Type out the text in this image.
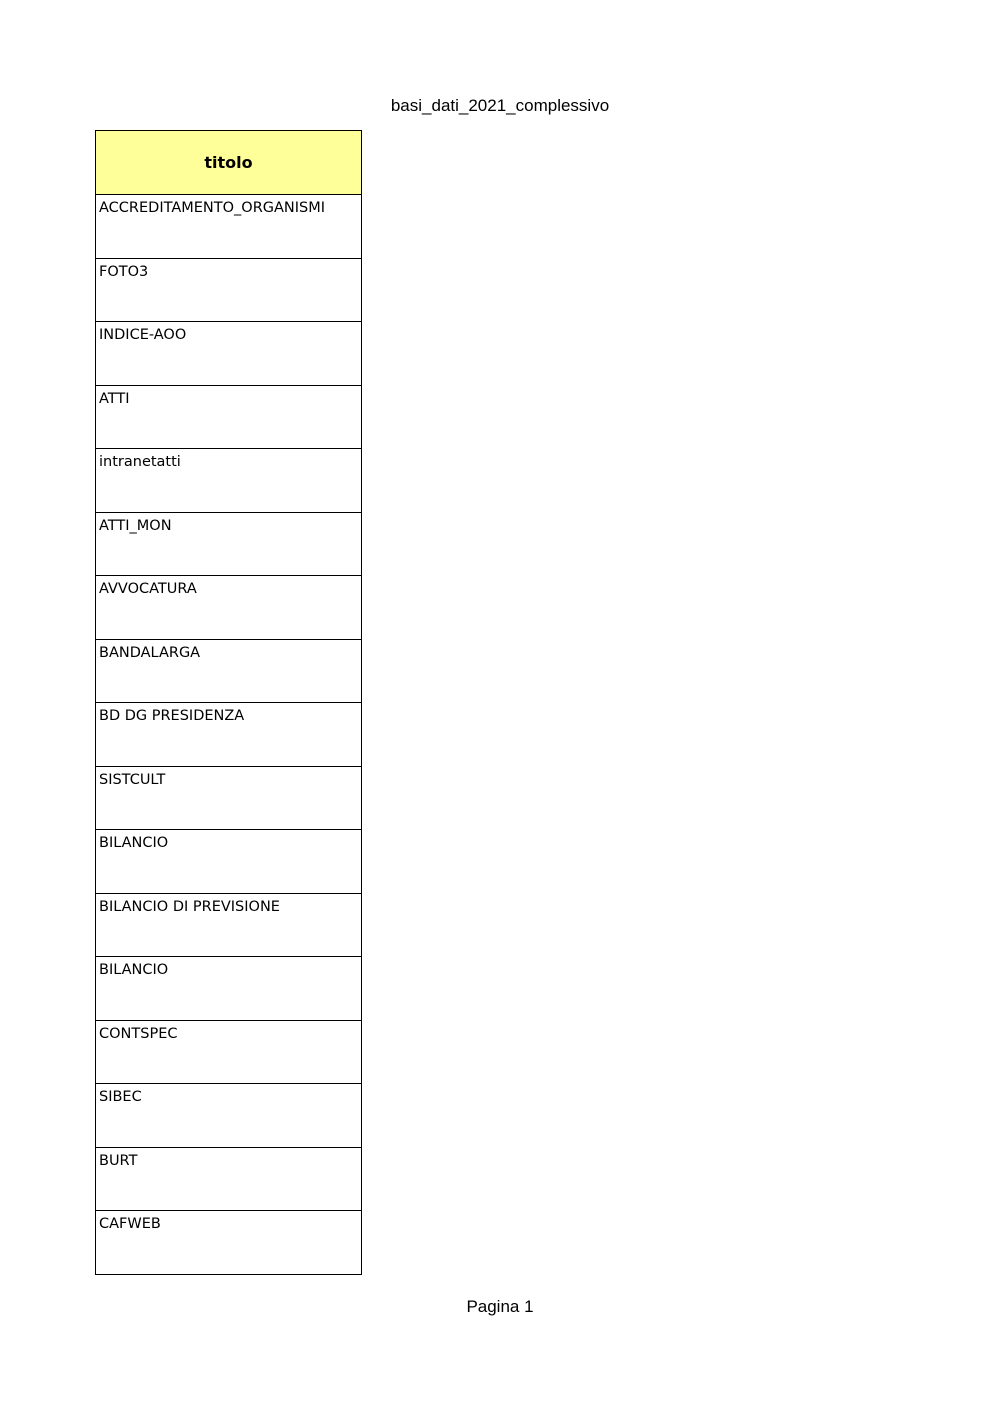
basi_dati_2021_complessivo
titolo
ACCREDITAMENTO_ORGANISMI
FOTO3
INDICE-AOO
ATTI
intranetatti
ATTI_MON
AVVOCATURA
BANDALARGA
BD DG PRESIDENZA
SISTCULT
BILANCIO
BILANCIO DI PREVISIONE
BILANCIO
CONTSPEC
SIBEC
BURT
CAFWEB
Pagina 1
